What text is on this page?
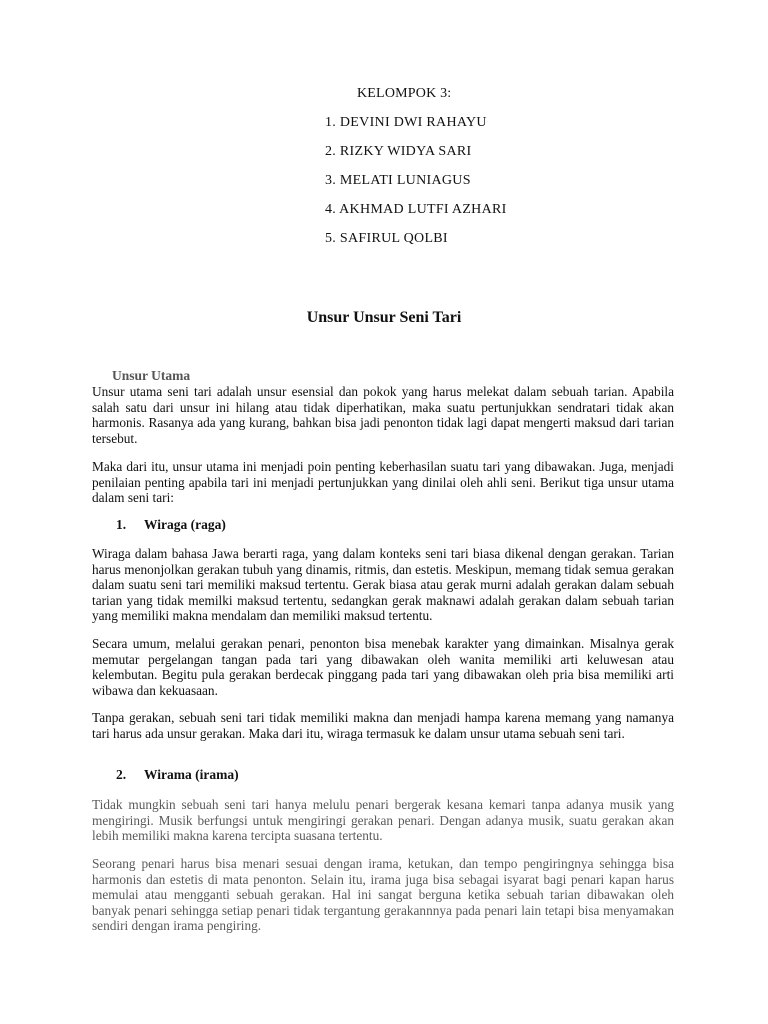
KELOMPOK 3:
1. DEVINI DWI RAHAYU
2. RIZKY WIDYA SARI
3. MELATI LUNIAGUS
4. AKHMAD LUTFI AZHARI
5. SAFIRUL QOLBI
Unsur Unsur Seni Tari
Unsur Utama

Unsur utama seni tari adalah unsur esensial dan pokok yang harus melekat dalam sebuah tarian. Apabila salah satu dari unsur ini hilang atau tidak diperhatikan, maka suatu pertunjukkan sendratari tidak akan harmonis. Rasanya ada yang kurang, bahkan bisa jadi penonton tidak lagi dapat mengerti maksud dari tarian tersebut.

Maka dari itu, unsur utama ini menjadi poin penting keberhasilan suatu tari yang dibawakan. Juga, menjadi penilaian penting apabila tari ini menjadi pertunjukkan yang dinilai oleh ahli seni. Berikut tiga unsur utama dalam seni tari:

1. Wiraga (raga)

Wiraga dalam bahasa Jawa berarti raga, yang dalam konteks seni tari biasa dikenal dengan gerakan. Tarian harus menonjolkan gerakan tubuh yang dinamis, ritmis, dan estetis. Meskipun, memang tidak semua gerakan dalam suatu seni tari memiliki maksud tertentu. Gerak biasa atau gerak murni adalah gerakan dalam sebuah tarian yang tidak memilki maksud tertentu, sedangkan gerak maknawi adalah gerakan dalam sebuah tarian yang memiliki makna mendalam dan memiliki maksud tertentu.

Secara umum, melalui gerakan penari, penonton bisa menebak karakter yang dimainkan. Misalnya gerak memutar pergelangan tangan pada tari yang dibawakan oleh wanita memiliki arti keluwesan atau kelembutan. Begitu pula gerakan berdecak pinggang pada tari yang dibawakan oleh pria bisa memiliki arti wibawa dan kekuasaan.

Tanpa gerakan, sebuah seni tari tidak memiliki makna dan menjadi hampa karena memang yang namanya tari harus ada unsur gerakan. Maka dari itu, wiraga termasuk ke dalam unsur utama sebuah seni tari.

2. Wirama (irama)

Tidak mungkin sebuah seni tari hanya melulu penari bergerak kesana kemari tanpa adanya musik yang mengiringi. Musik berfungsi untuk mengiringi gerakan penari. Dengan adanya musik, suatu gerakan akan lebih memiliki makna karena tercipta suasana tertentu.

Seorang penari harus bisa menari sesuai dengan irama, ketukan, dan tempo pengiringnya sehingga bisa harmonis dan estetis di mata penonton. Selain itu, irama juga bisa sebagai isyarat bagi penari kapan harus memulai atau mengganti sebuah gerakan. Hal ini sangat berguna ketika sebuah tarian dibawakan oleh banyak penari sehingga setiap penari tidak tergantung gerakannnya pada penari lain tetapi bisa menyamakan sendiri dengan irama pengiring.
